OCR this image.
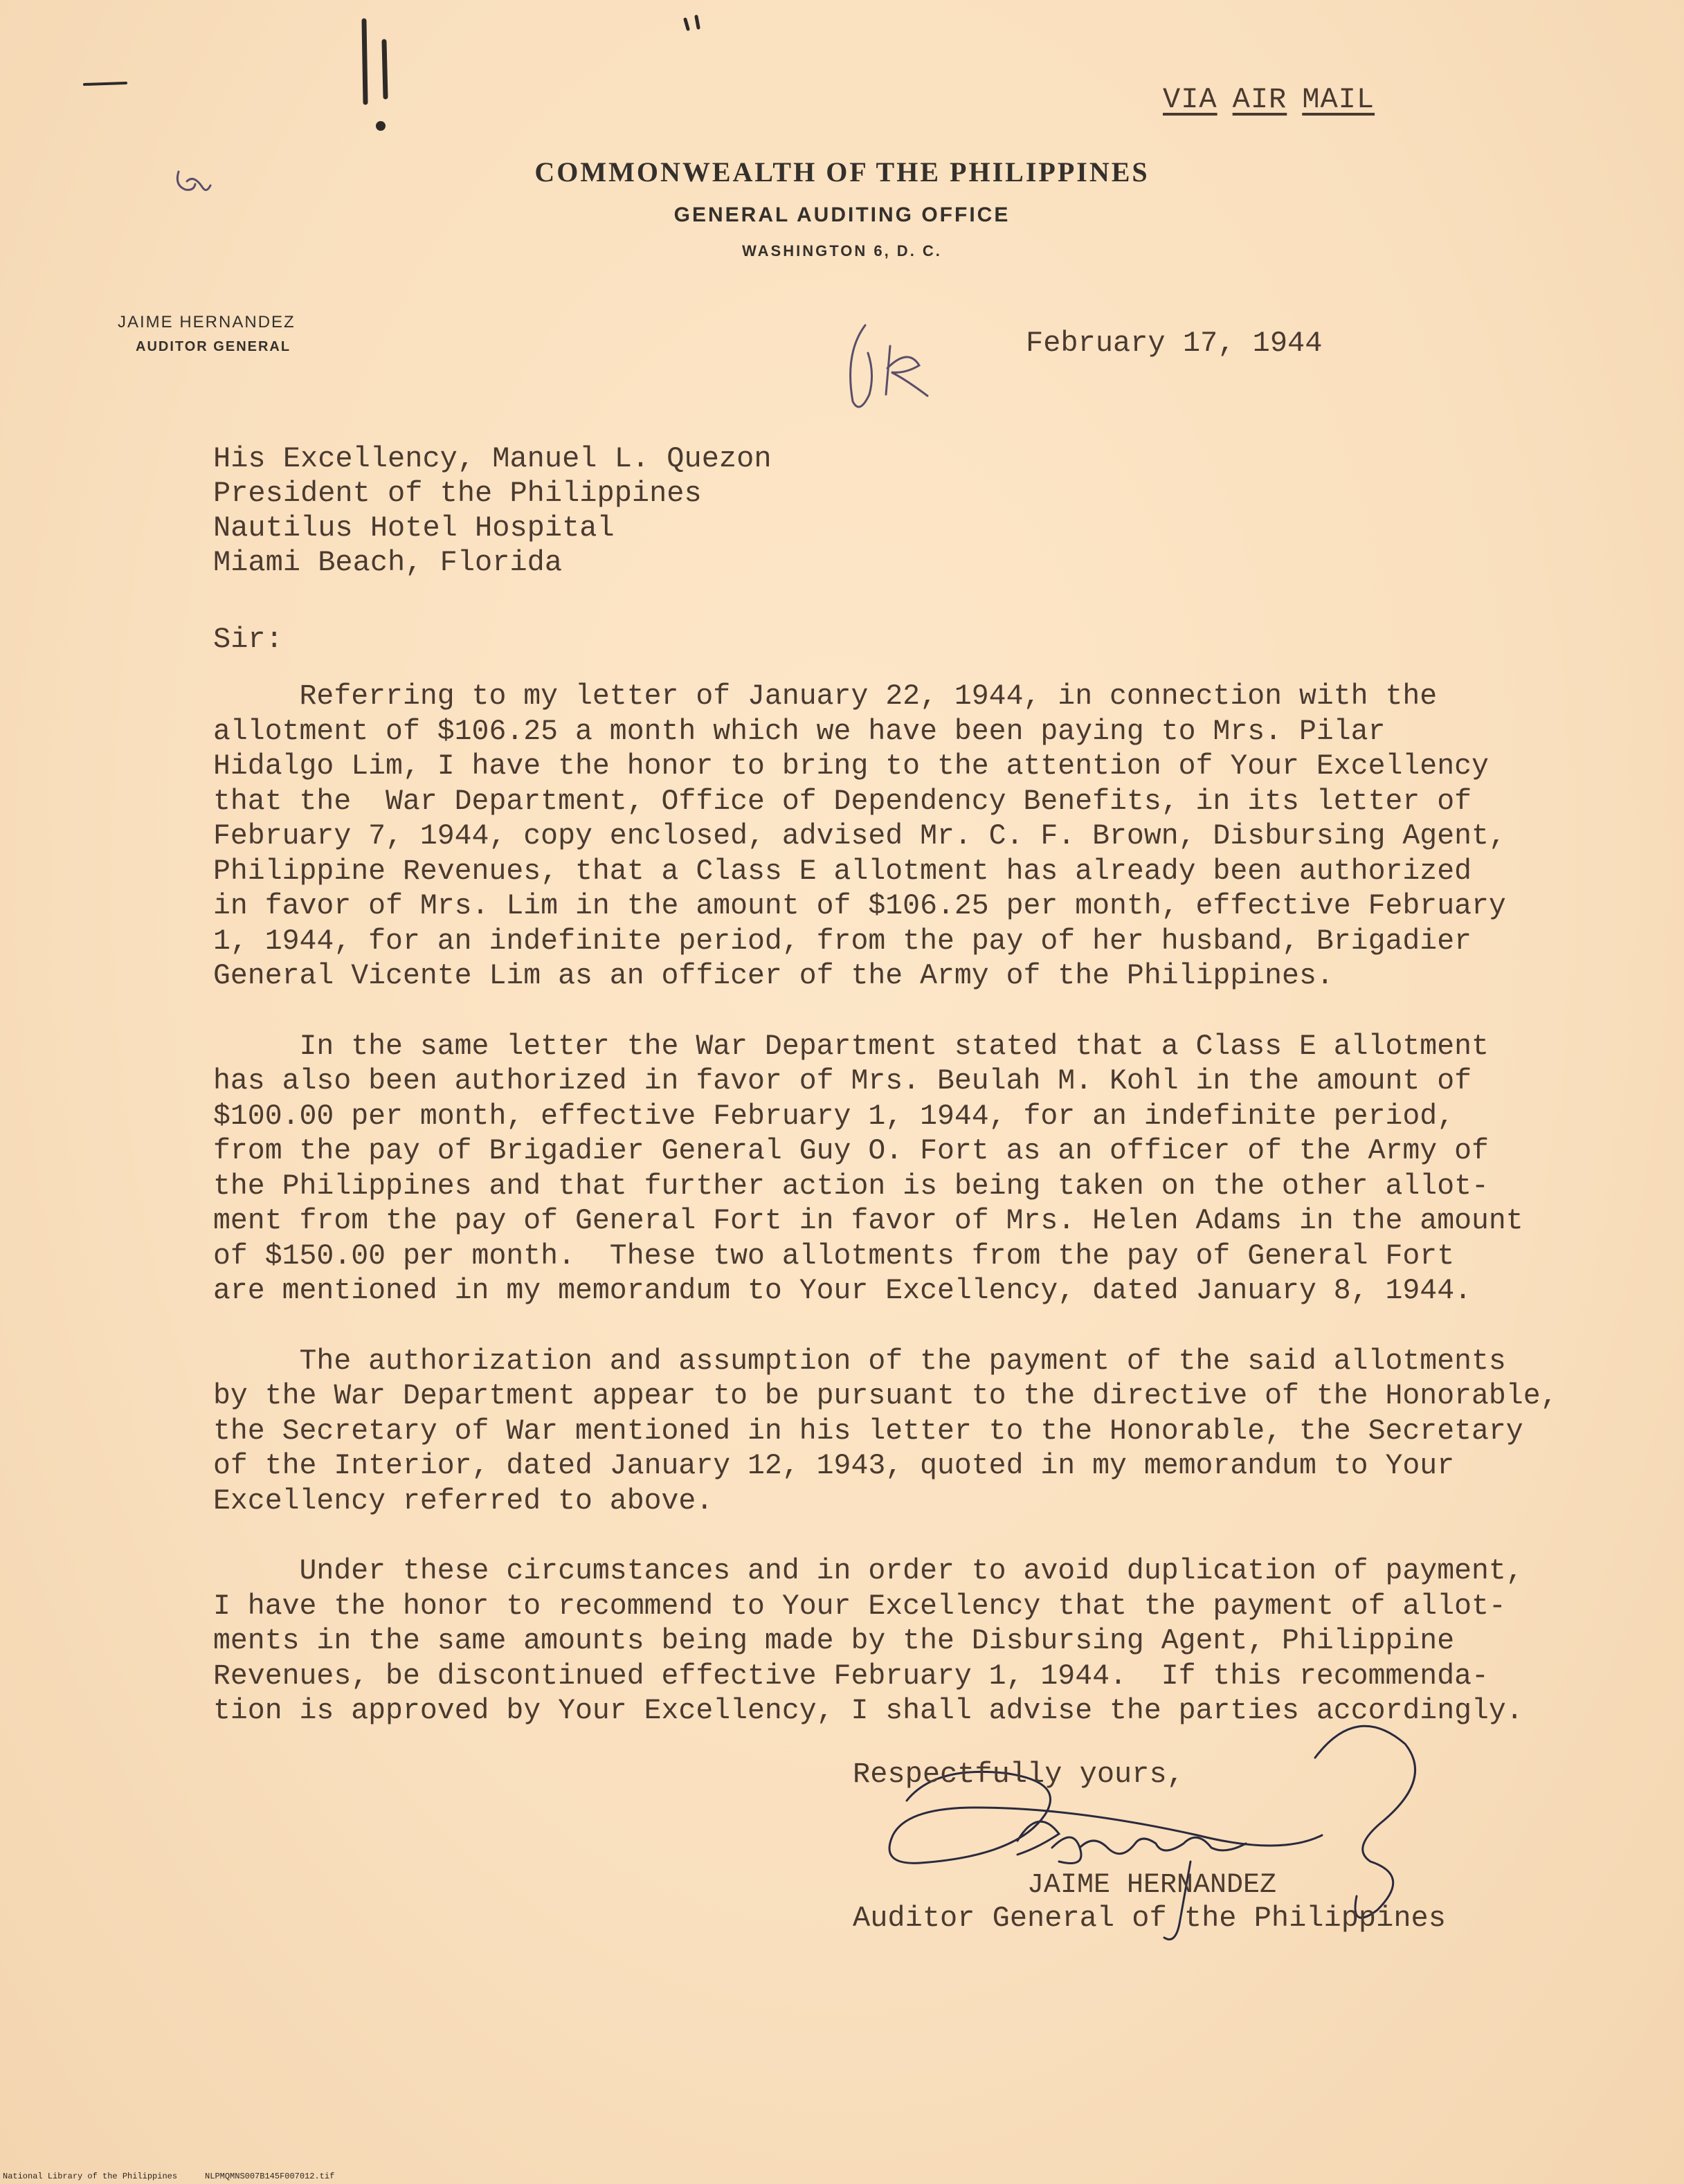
VIA AIR MAIL
COMMONWEALTH OF THE PHILIPPINES
GENERAL AUDITING OFFICE
WASHINGTON 6, D. C.
JAIME HERNANDEZ
AUDITOR GENERAL	February 17, 1944
His Excellency, Manuel L. Quezon
President of the Philippines
Nautilus Hotel Hospital
Miami Beach, Florida
Sir:
Referring to my letter of January 22, 1944, in connection with the
allotment of $106.25 a month which we have been paying to Mrs. Pilar
Hidalgo Lim, I have the honor to bring to the attention of Your Excellency
that the  War Department, Office of Dependency Benefits, in its letter of
February 7, 1944, copy enclosed, advised Mr. C. F. Brown, Disbursing Agent,
Philippine Revenues, that a Class E allotment has already been authorized
in favor of Mrs. Lim in the amount of $106.25 per month, effective February
1, 1944, for an indefinite period, from the pay of her husband, Brigadier
General Vicente Lim as an officer of the Army of the Philippines.
In the same letter the War Department stated that a Class E allotment
has also been authorized in favor of Mrs. Beulah M. Kohl in the amount of
$100.00 per month, effective February 1, 1944, for an indefinite period,
from the pay of Brigadier General Guy O. Fort as an officer of the Army of
the Philippines and that further action is being taken on the other allot-
ment from the pay of General Fort in favor of Mrs. Helen Adams in the amount
of $150.00 per month.  These two allotments from the pay of General Fort
are mentioned in my memorandum to Your Excellency, dated January 8, 1944.
The authorization and assumption of the payment of the said allotments
by the War Department appear to be pursuant to the directive of the Honorable,
the Secretary of War mentioned in his letter to the Honorable, the Secretary
of the Interior, dated January 12, 1943, quoted in my memorandum to Your
Excellency referred to above.
Under these circumstances and in order to avoid duplication of payment,
I have the honor to recommend to Your Excellency that the payment of allot-
ments in the same amounts being made by the Disbursing Agent, Philippine
Revenues, be discontinued effective February 1, 1944.  If this recommenda-
tion is approved by Your Excellency, I shall advise the parties accordingly.
Respectfully yours,
JAIME HERNANDEZ
Auditor General of the Philippines
National Library of the Philippines	NLPMQMNS007B145F007012.tif
